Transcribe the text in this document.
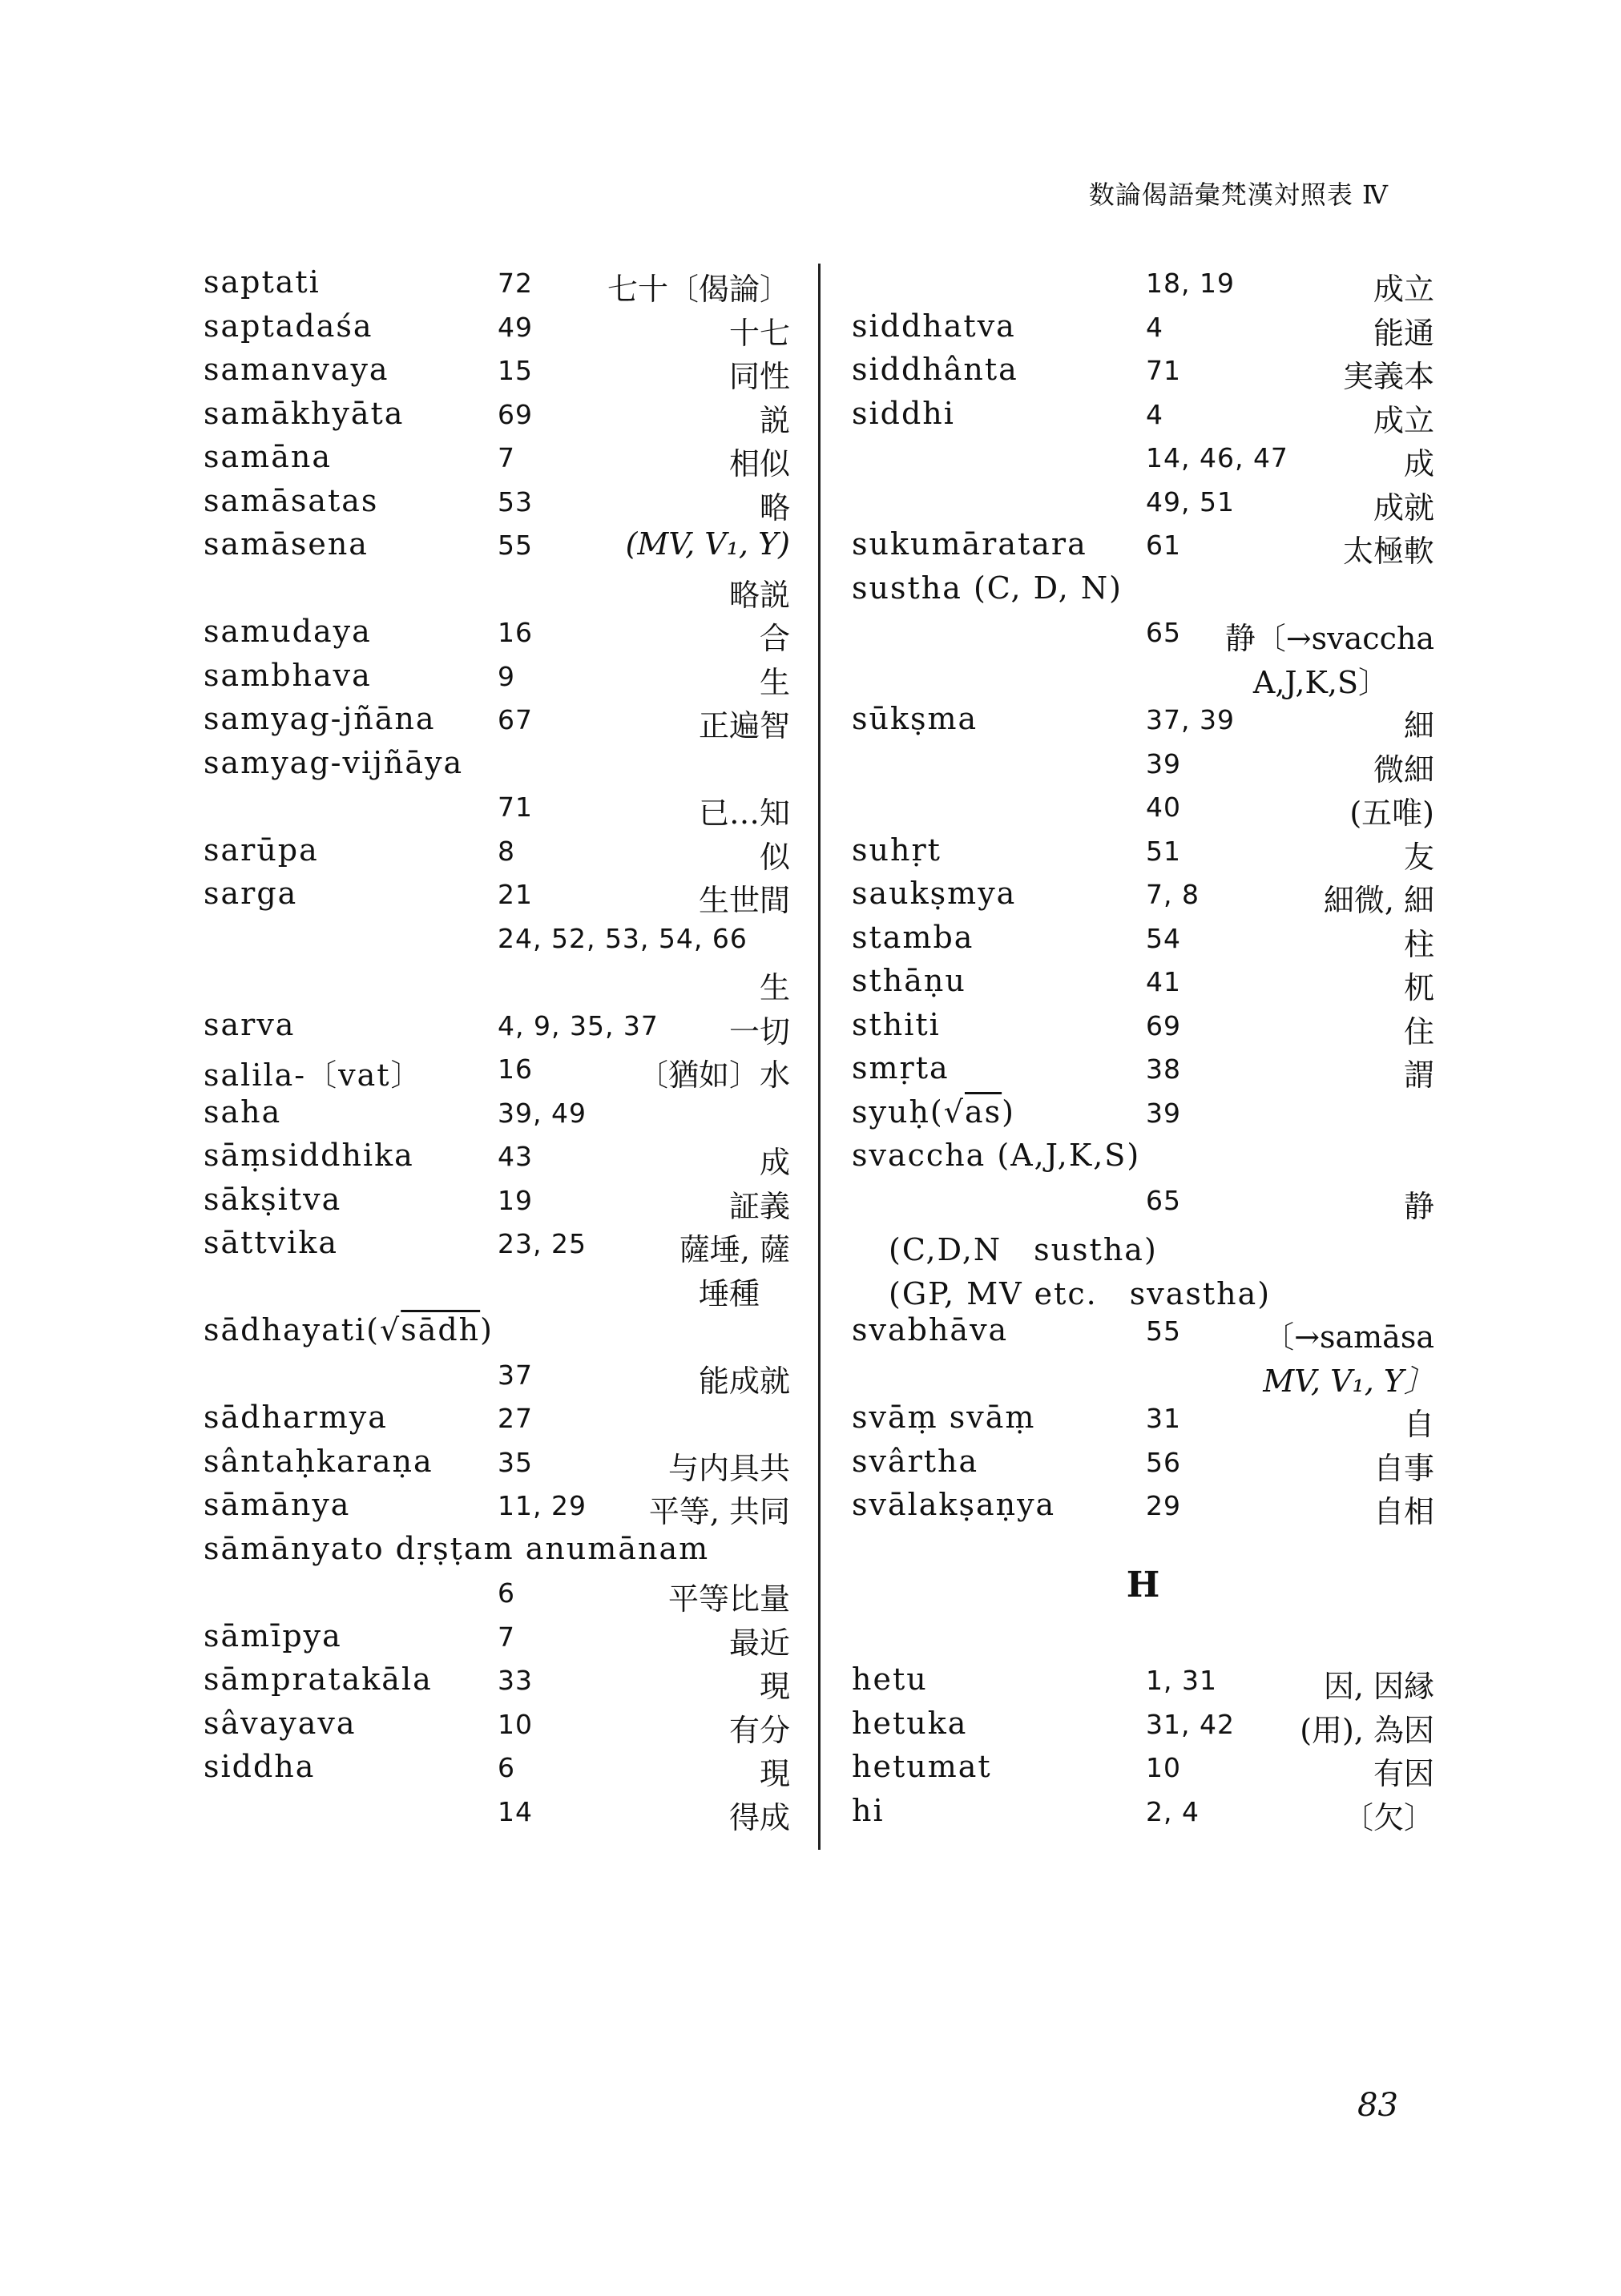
数論偈語彙梵漢対照表 Ⅳ
saptati	72 七十〔偈論〕
saptadaśa	49	十七
samanvaya	15	同性
samākhyāta	69	説
samāna	7	相似
samāsatas	53	略
samāsena	55	(MV, V₁, Y)
略説
samudaya	16	合
sambhava	9	生
samyag-jñāna 67	正遍智
samyag-vijñāya
71	已…知
sarūpa	8	似
sarga	21	生世間
24, 52, 53, 54, 66
生
sarva	4, 9, 35, 37 一切
salila-〔vat〕	16	〔猶如〕水
saha	39, 49
sāṃsiddhika	43	成
sākṣitva	19	証義
sāttvika	23, 25	薩埵, 薩
埵種　
sādhayati(√sādh)
37	能成就
sādharmya	27
sântaḥkaraṇa 35	与内具共
sāmānya	11, 29 平等, 共同
sāmānyato dṛṣṭam anumānam
6	平等比量
sāmīpya	7	最近
sāmpratakāla 33	現
sâvayava	10	有分
siddha	6	現
14	得成
18, 19	成立
siddhatva	4	能通
siddhânta	71	実義本
siddhi	4	成立
14, 46, 47	成
49, 51	成就
sukumāratara 61	太極軟
sustha (C, D, N)
65 静〔→svaccha
A,J,K,S〕　　
sūkṣma	37, 39	細
39	微細
40	(五唯)
suhṛt	51	友
saukṣmya	7, 8	細微, 細
stamba	54	柱
sthāṇu	41	杌
sthiti	69	住
smṛta	38	謂
syuḥ(√as)	39
svaccha (A,J,K,S)
65	静
(C,D,N　sustha)
(GP, MV etc.　svastha)
svabhāva	55	〔→samāsa
MV, V₁, Y〕
svāṃ svāṃ	31	自
svârtha	56	自事
svālakṣaṇya	29	自相
H
hetu	1, 31	因, 因縁
hetuka	31, 42 (用), 為因
hetumat	10	有因
hi	2, 4	〔欠〕
83
